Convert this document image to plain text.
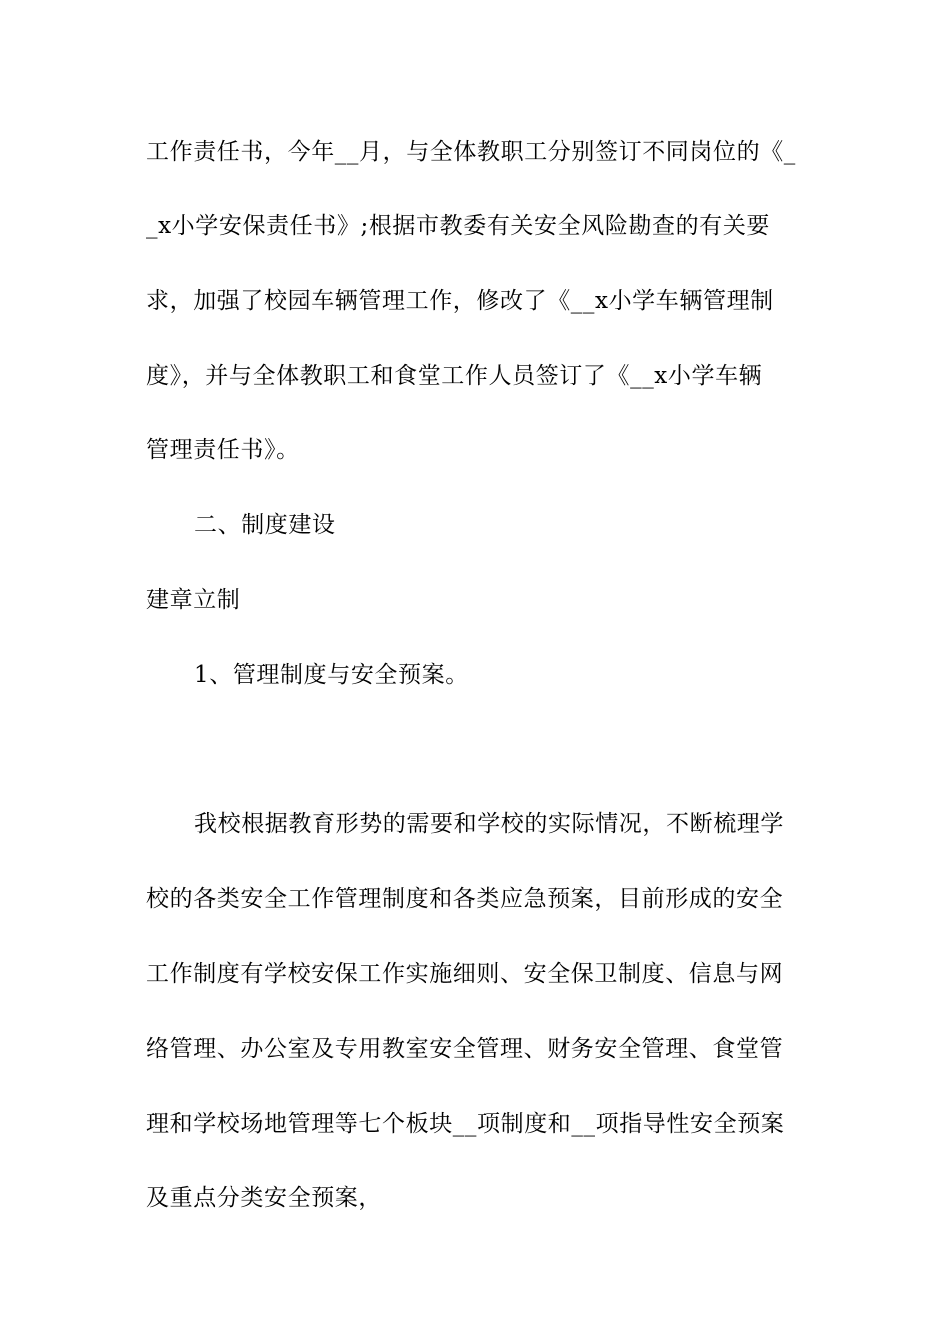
工作责任书，今年__月，与全体教职工分别签订不同岗位的《_
_x小学安保责任书》;根据市教委有关安全风险勘查的有关要
求，加强了校园车辆管理工作，修改了《__x小学车辆管理制
度》，并与全体教职工和食堂工作人员签订了《__x小学车辆
管理责任书》。
二、制度建设
建章立制
1、管理制度与安全预案。
我校根据教育形势的需要和学校的实际情况，不断梳理学
校的各类安全工作管理制度和各类应急预案，目前形成的安全
工作制度有学校安保工作实施细则、安全保卫制度、信息与网
络管理、办公室及专用教室安全管理、财务安全管理、食堂管
理和学校场地管理等七个板块__项制度和__项指导性安全预案
及重点分类安全预案，
